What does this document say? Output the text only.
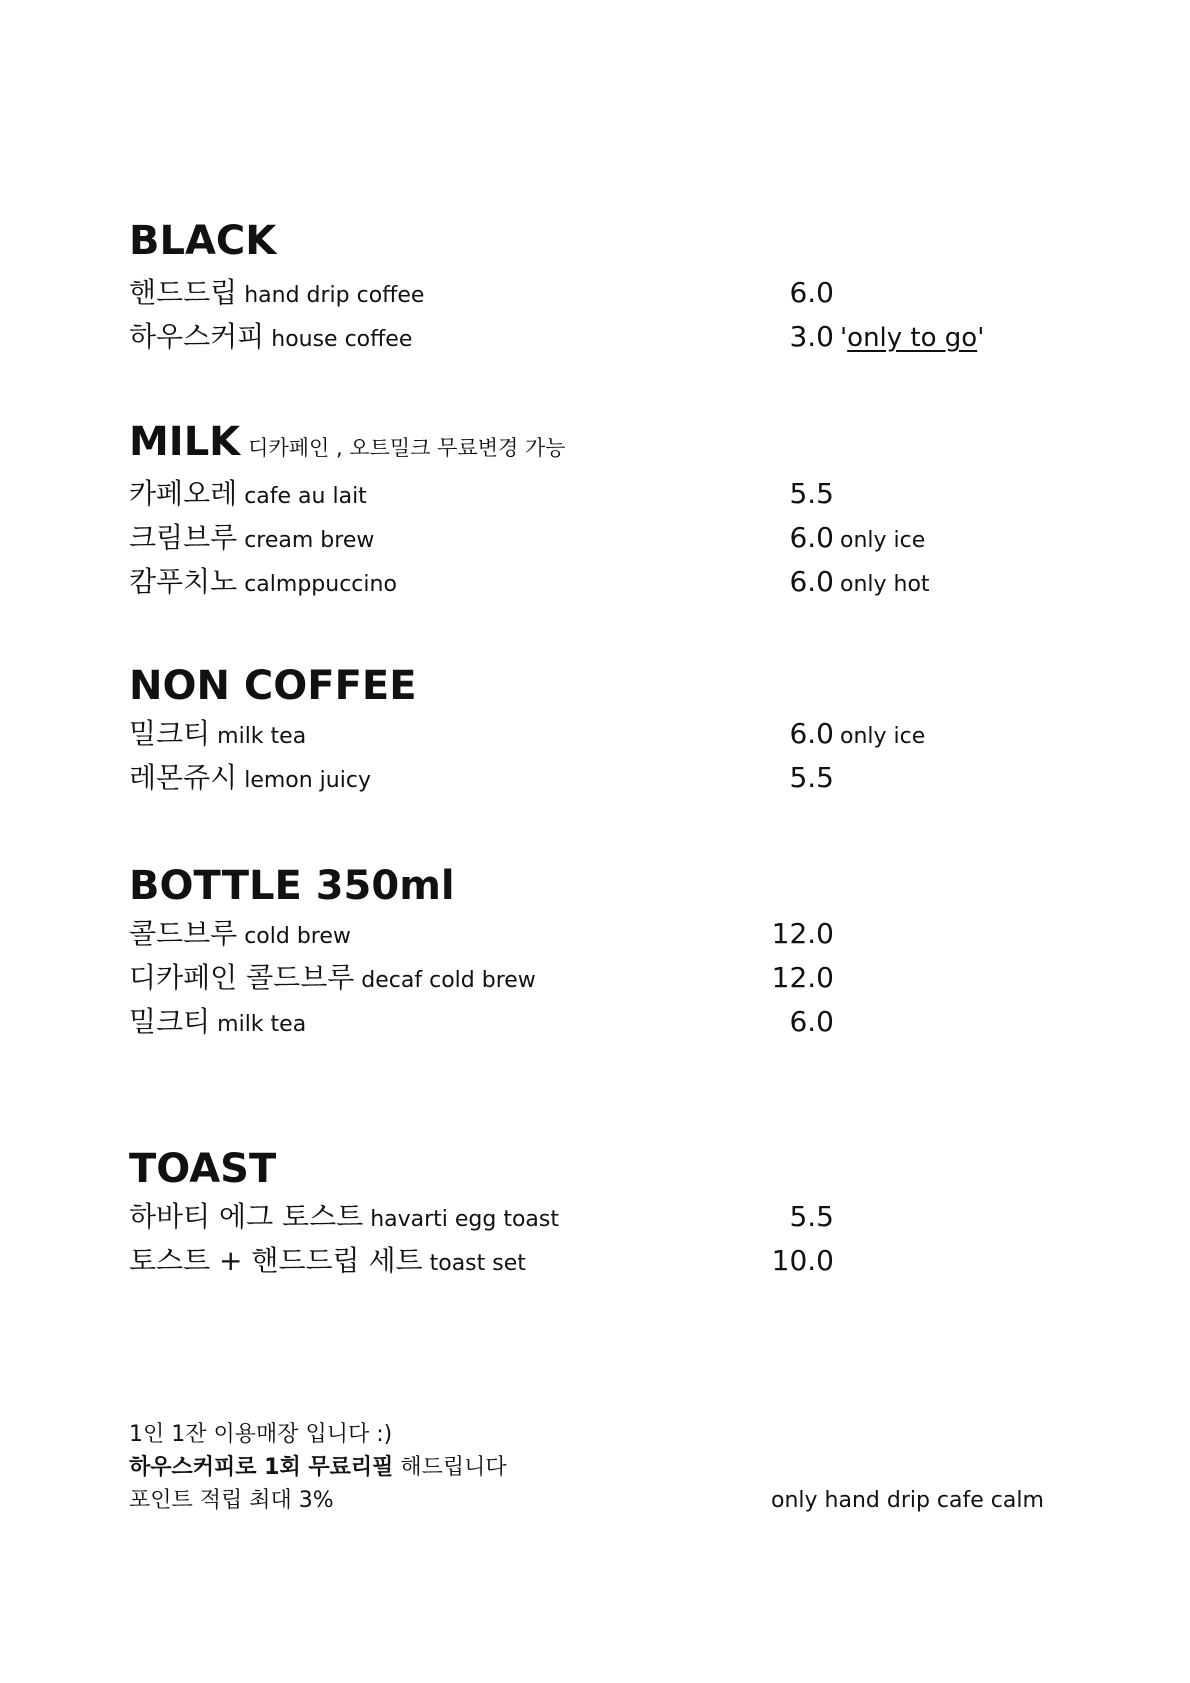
BLACK
핸드드립 hand drip coffee	6.0
하우스커피 house coffee	3.0 'only to go'
MILK 디카페인 , 오트밀크 무료변경 가능
카페오레 cafe au lait	5.5
크림브루 cream brew	6.0 only ice
캄푸치노 calmppuccino	6.0 only hot
NON COFFEE
밀크티 milk tea	6.0 only ice
레몬쥬시 lemon juicy	5.5
BOTTLE 350ml
콜드브루 cold brew	12.0
디카페인 콜드브루 decaf cold brew	12.0
밀크티 milk tea	6.0
TOAST
하바티 에그 토스트 havarti egg toast	5.5
토스트 + 핸드드립 세트 toast set	10.0
1인 1잔 이용매장 입니다 :)
하우스커피로 1회 무료리필 해드립니다
포인트 적립 최대 3%	only hand drip cafe calm
